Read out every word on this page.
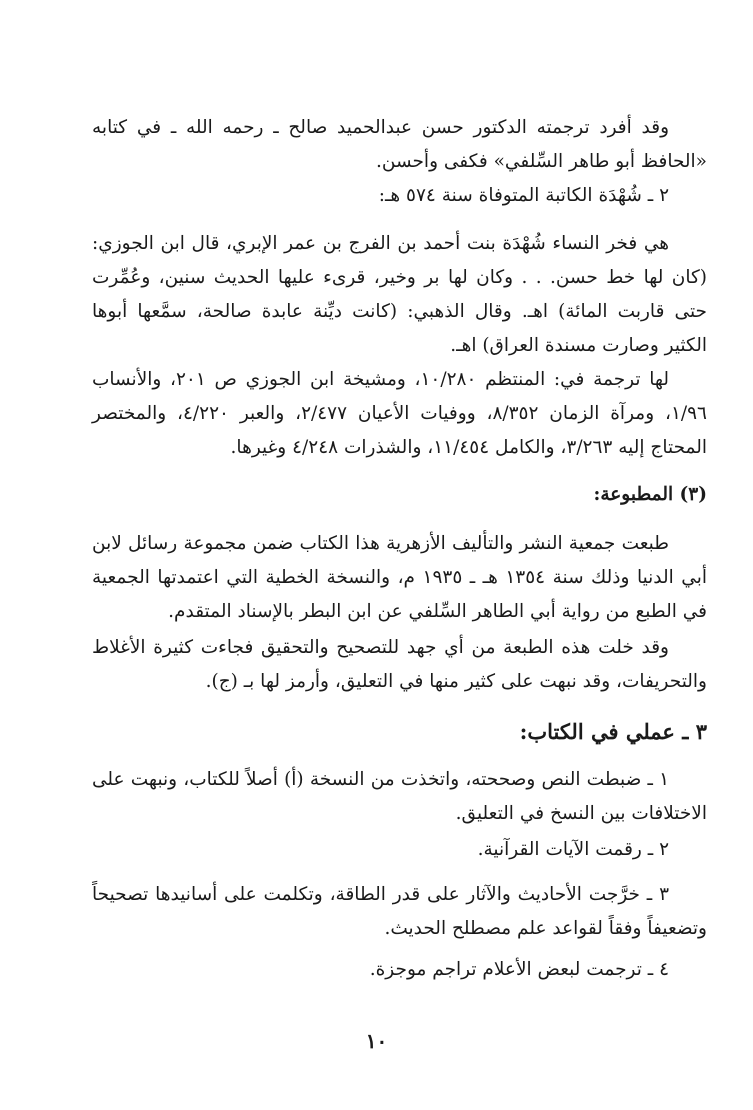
وقد أفرد ترجمته الدكتور حسن عبدالحميد صالح ـ رحمه الله ـ في كتابه «الحافظ أبو طاهر السِّلفي» فكفى وأحسن.

٢ ـ شُهْدَة الكاتبة المتوفاة سنة ٥٧٤ هـ:

هي فخر النساء شُهْدَة بنت أحمد بن الفرج بن عمر الإبري، قال ابن الجوزي: (كان لها خط حسن. . . وكان لها بر وخير، قرىء عليها الحديث سنين، وعُمِّرت حتى قاربت المائة) اهـ. وقال الذهبي: (كانت ديِّنة عابدة صالحة، سمَّعها أبوها الكثير وصارت مسندة العراق) اهـ.

لها ترجمة في: المنتظم ١٠/٢٨٠، ومشيخة ابن الجوزي ص ٢٠١، والأنساب ١/٩٦، ومرآة الزمان ٨/٣٥٢، ووفيات الأعيان ٢/٤٧٧، والعبر ٤/٢٢٠، والمختصر المحتاج إليه ٣/٢٦٣، والكامل ١١/٤٥٤، والشذرات ٤/٢٤٨ وغيرها.

(٣) المطبوعة:

طبعت جمعية النشر والتأليف الأزهرية هذا الكتاب ضمن مجموعة رسائل لابن أبي الدنيا وذلك سنة ١٣٥٤ هـ ـ ١٩٣٥ م، والنسخة الخطية التي اعتمدتها الجمعية في الطبع من رواية أبي الطاهر السِّلفي عن ابن البطر بالإسناد المتقدم.

وقد خلت هذه الطبعة من أي جهد للتصحيح والتحقيق فجاءت كثيرة الأغلاط والتحريفات، وقد نبهت على كثير منها في التعليق، وأرمز لها بـ (ج).

٣ ـ عملي في الكتاب:

١ ـ ضبطت النص وصححته، واتخذت من النسخة (أ) أصلاً للكتاب، ونبهت على الاختلافات بين النسخ في التعليق.

٢ ـ رقمت الآيات القرآنية.

٣ ـ خرَّجت الأحاديث والآثار على قدر الطاقة، وتكلمت على أسانيدها تصحيحاً وتضعيفاً وفقاً لقواعد علم مصطلح الحديث.

٤ ـ ترجمت لبعض الأعلام تراجم موجزة.

١٠
